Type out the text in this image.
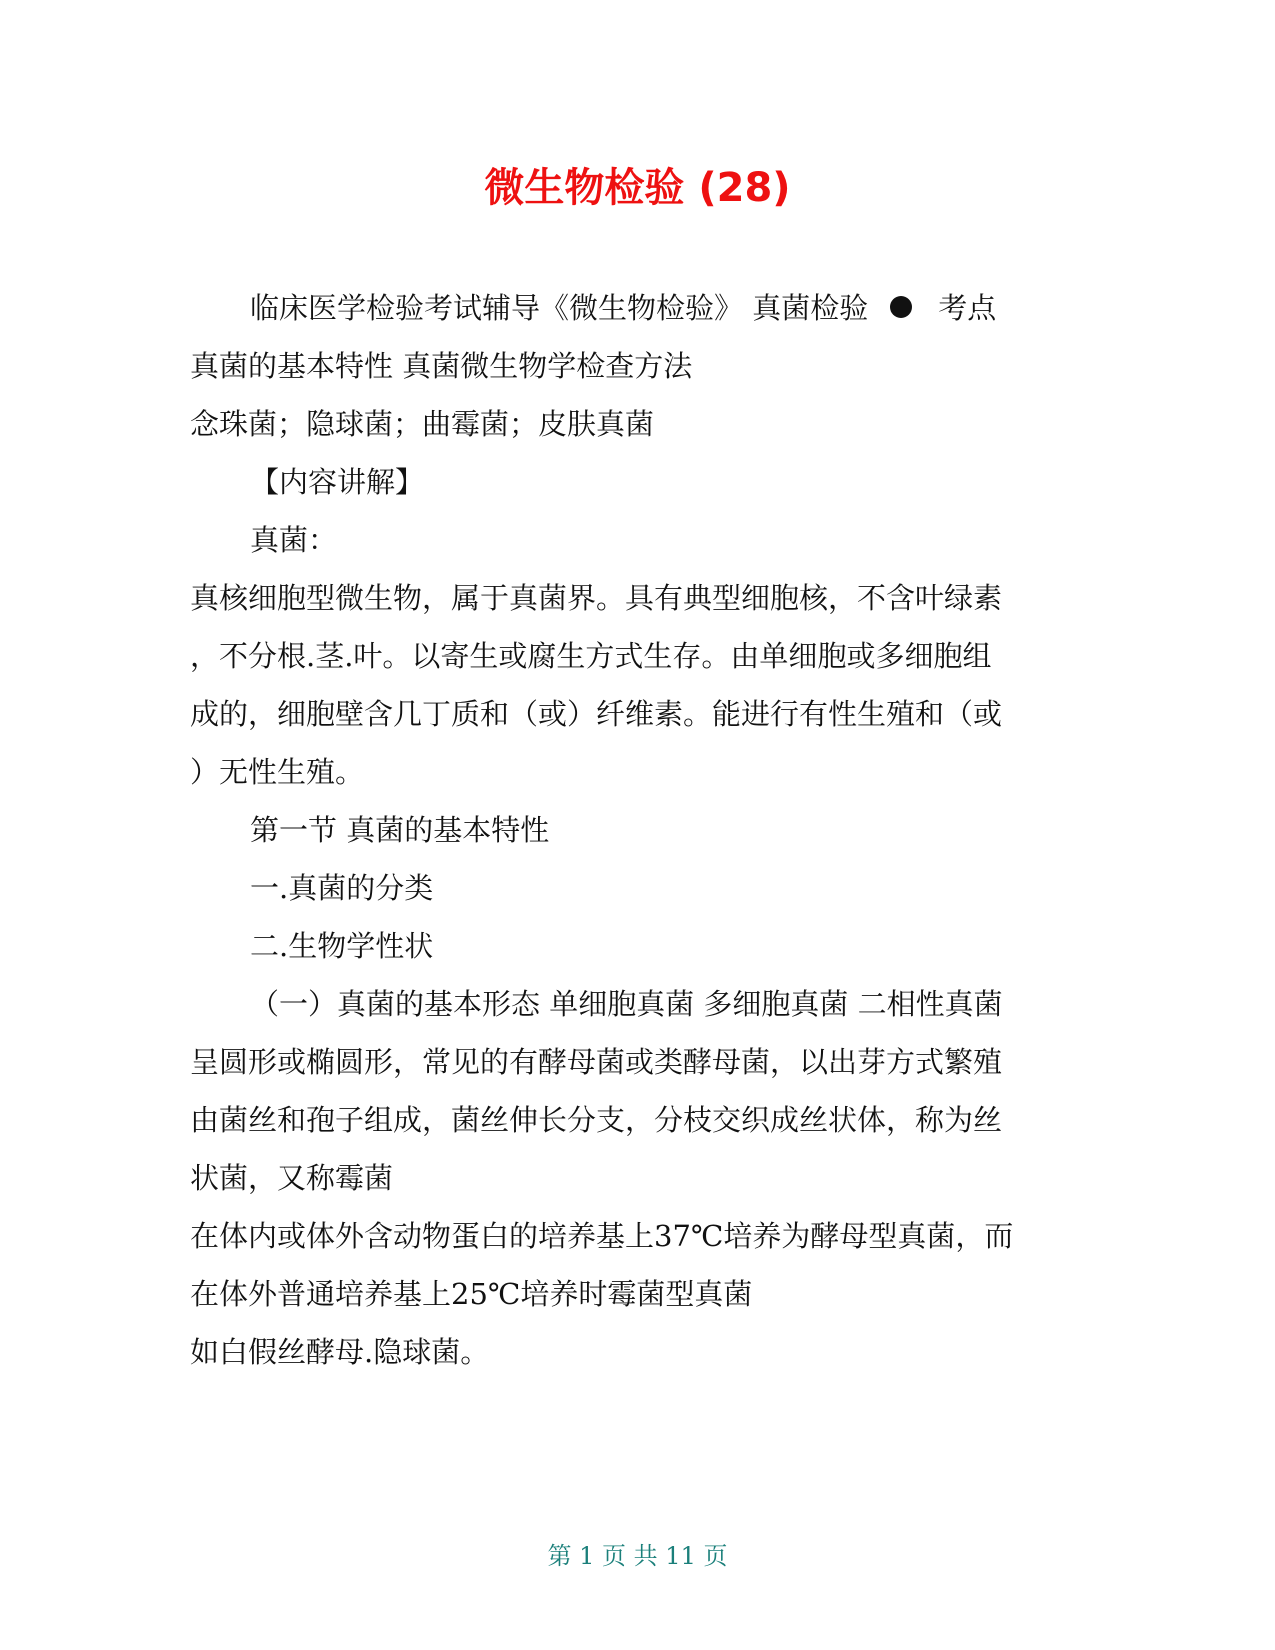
微生物检验 (28)

临床医学检验考试辅导《微生物检验》 真菌检验 考点

真菌的基本特性 真菌微生物学检查方法

念珠菌；隐球菌；曲霉菌；皮肤真菌

【内容讲解】

真菌：

真核细胞型微生物，属于真菌界。具有典型细胞核，不含叶绿素

，不分根.茎.叶。以寄生或腐生方式生存。由单细胞或多细胞组

成的，细胞壁含几丁质和（或）纤维素。能进行有性生殖和（或

）无性生殖。

第一节 真菌的基本特性

一.真菌的分类

二.生物学性状

（一）真菌的基本形态 单细胞真菌 多细胞真菌 二相性真菌

呈圆形或椭圆形，常见的有酵母菌或类酵母菌，以出芽方式繁殖

由菌丝和孢子组成，菌丝伸长分支，分枝交织成丝状体，称为丝

状菌，又称霉菌

在体内或体外含动物蛋白的培养基上37℃培养为酵母型真菌，而

在体外普通培养基上25℃培养时霉菌型真菌

如白假丝酵母.隐球菌。

第 1 页 共 11 页
